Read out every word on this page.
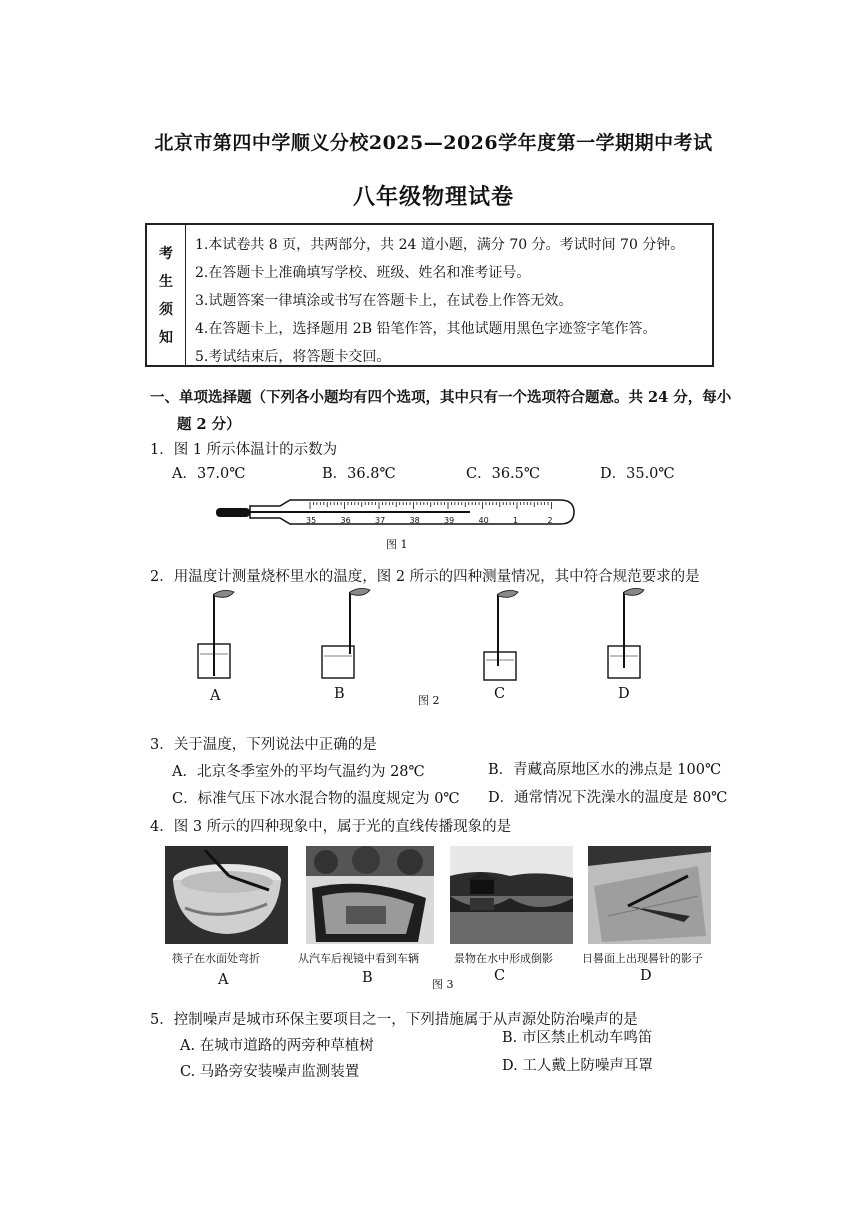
北京市第四中学顺义分校2025—2026学年度第一学期期中考试
八年级物理试卷
考
生
须
知
1.本试卷共 8 页，共两部分，共 24 道小题，满分 70 分。考试时间 70 分钟。
2.在答题卡上准确填写学校、班级、姓名和准考证号。
3.试题答案一律填涂或书写在答题卡上，在试卷上作答无效。
4.在答题卡上，选择题用 2B 铅笔作答，其他试题用黑色字迹签字笔作答。
5.考试结束后，将答题卡交回。
一、单项选择题（下列各小题均有四个选项，其中只有一个选项符合题意。共 24 分，每小
题 2 分）
1．图 1 所示体温计的示数为
A．37.0℃	B．36.8℃	C．36.5℃	D．35.0℃
35	36	37	38	39	40	1	2
图 1
2．用温度计测量烧杯里水的温度，图 2 所示的四种测量情况，其中符合规范要求的是
A	B	图 2	C	D
3．关于温度，下列说法中正确的是
A．北京冬季室外的平均气温约为 28℃	B．青藏高原地区水的沸点是 100℃
C．标准气压下冰水混合物的温度规定为 0℃ D．通常情况下洗澡水的温度是 80℃
4．图 3 所示的四种现象中，属于光的直线传播现象的是
筷子在水面处弯折	从汽车后视镜中看到车辆	景物在水中形成倒影	日晷面上出现晷针的影子
A	B	图 3
C	D
5．控制噪声是城市环保主要项目之一，下列措施属于从声源处防治噪声的是
A. 在城市道路的两旁种草植树	B. 市区禁止机动车鸣笛
C. 马路旁安装噪声监测装置	D. 工人戴上防噪声耳罩
